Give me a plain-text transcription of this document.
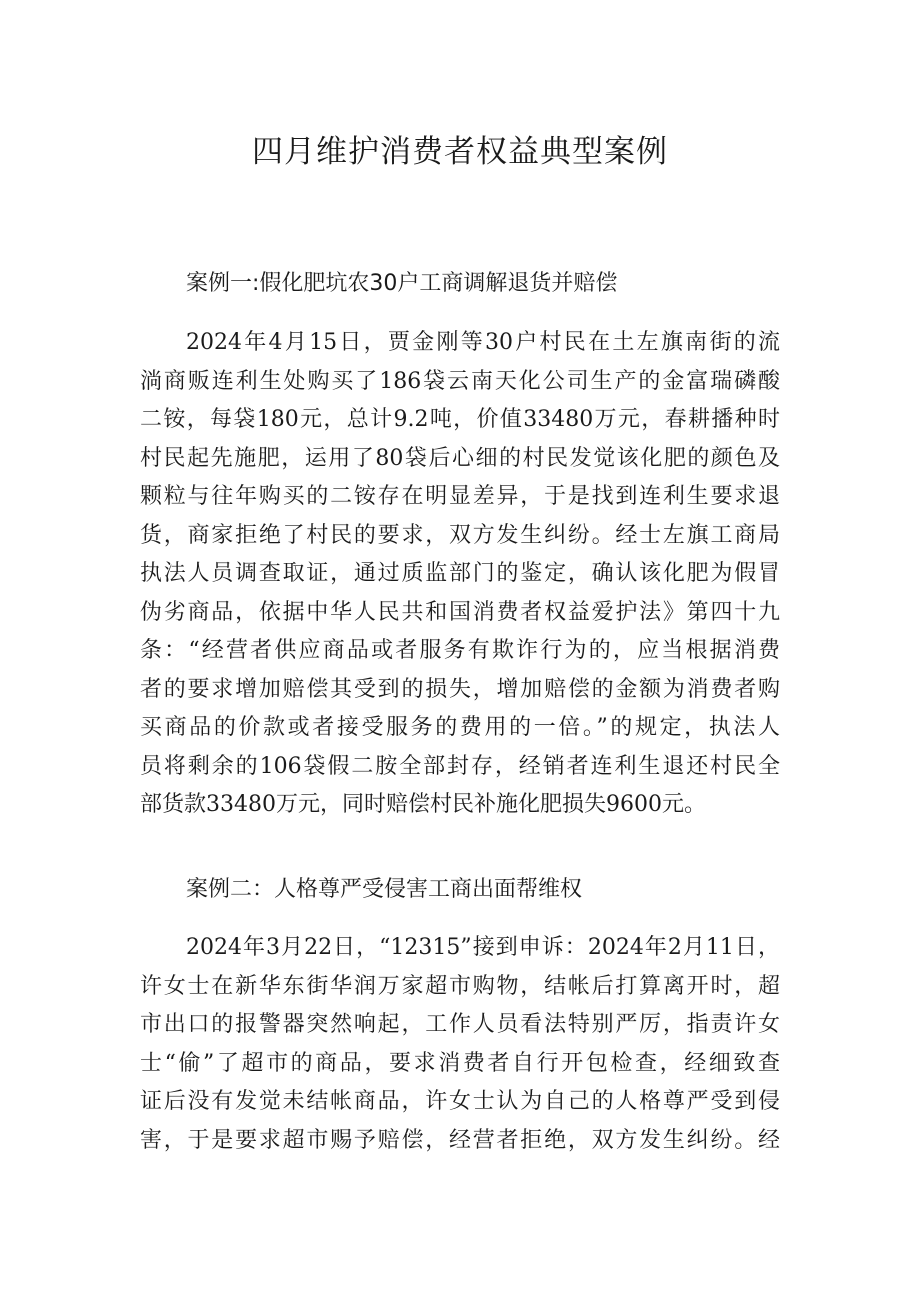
四月维护消费者权益典型案例
案例一:假化肥坑农30户工商调解退货并赔偿
2024年4月15日，贾金刚等30户村民在土左旗南街的流
淌商贩连利生处购买了186袋云南天化公司生产的金富瑞磷酸
二铵，每袋180元，总计9.2吨，价值33480万元，春耕播种时
村民起先施肥，运用了80袋后心细的村民发觉该化肥的颜色及
颗粒与往年购买的二铵存在明显差异，于是找到连利生要求退
货，商家拒绝了村民的要求，双方发生纠纷。经士左旗工商局
执法人员调查取证，通过质监部门的鉴定，确认该化肥为假冒
伪劣商品，依据中华人民共和国消费者权益爱护法》第四十九
条：“经营者供应商品或者服务有欺诈行为的，应当根据消费
者的要求增加赔偿其受到的损失，增加赔偿的金额为消费者购
买商品的价款或者接受服务的费用的一倍。”的规定，执法人
员将剩余的106袋假二胺全部封存，经销者连利生退还村民全
部货款33480万元，同时赔偿村民补施化肥损失9600元。
案例二：人格尊严受侵害工商出面帮维权
2024年3月22日，“12315”接到申诉：2024年2月11日，
许女士在新华东街华润万家超市购物，结帐后打算离开时，超
市出口的报警器突然响起，工作人员看法特别严厉，指责许女
士“偷”了超市的商品，要求消费者自行开包检查，经细致查
证后没有发觉未结帐商品，许女士认为自己的人格尊严受到侵
害，于是要求超市赐予赔偿，经营者拒绝，双方发生纠纷。经
